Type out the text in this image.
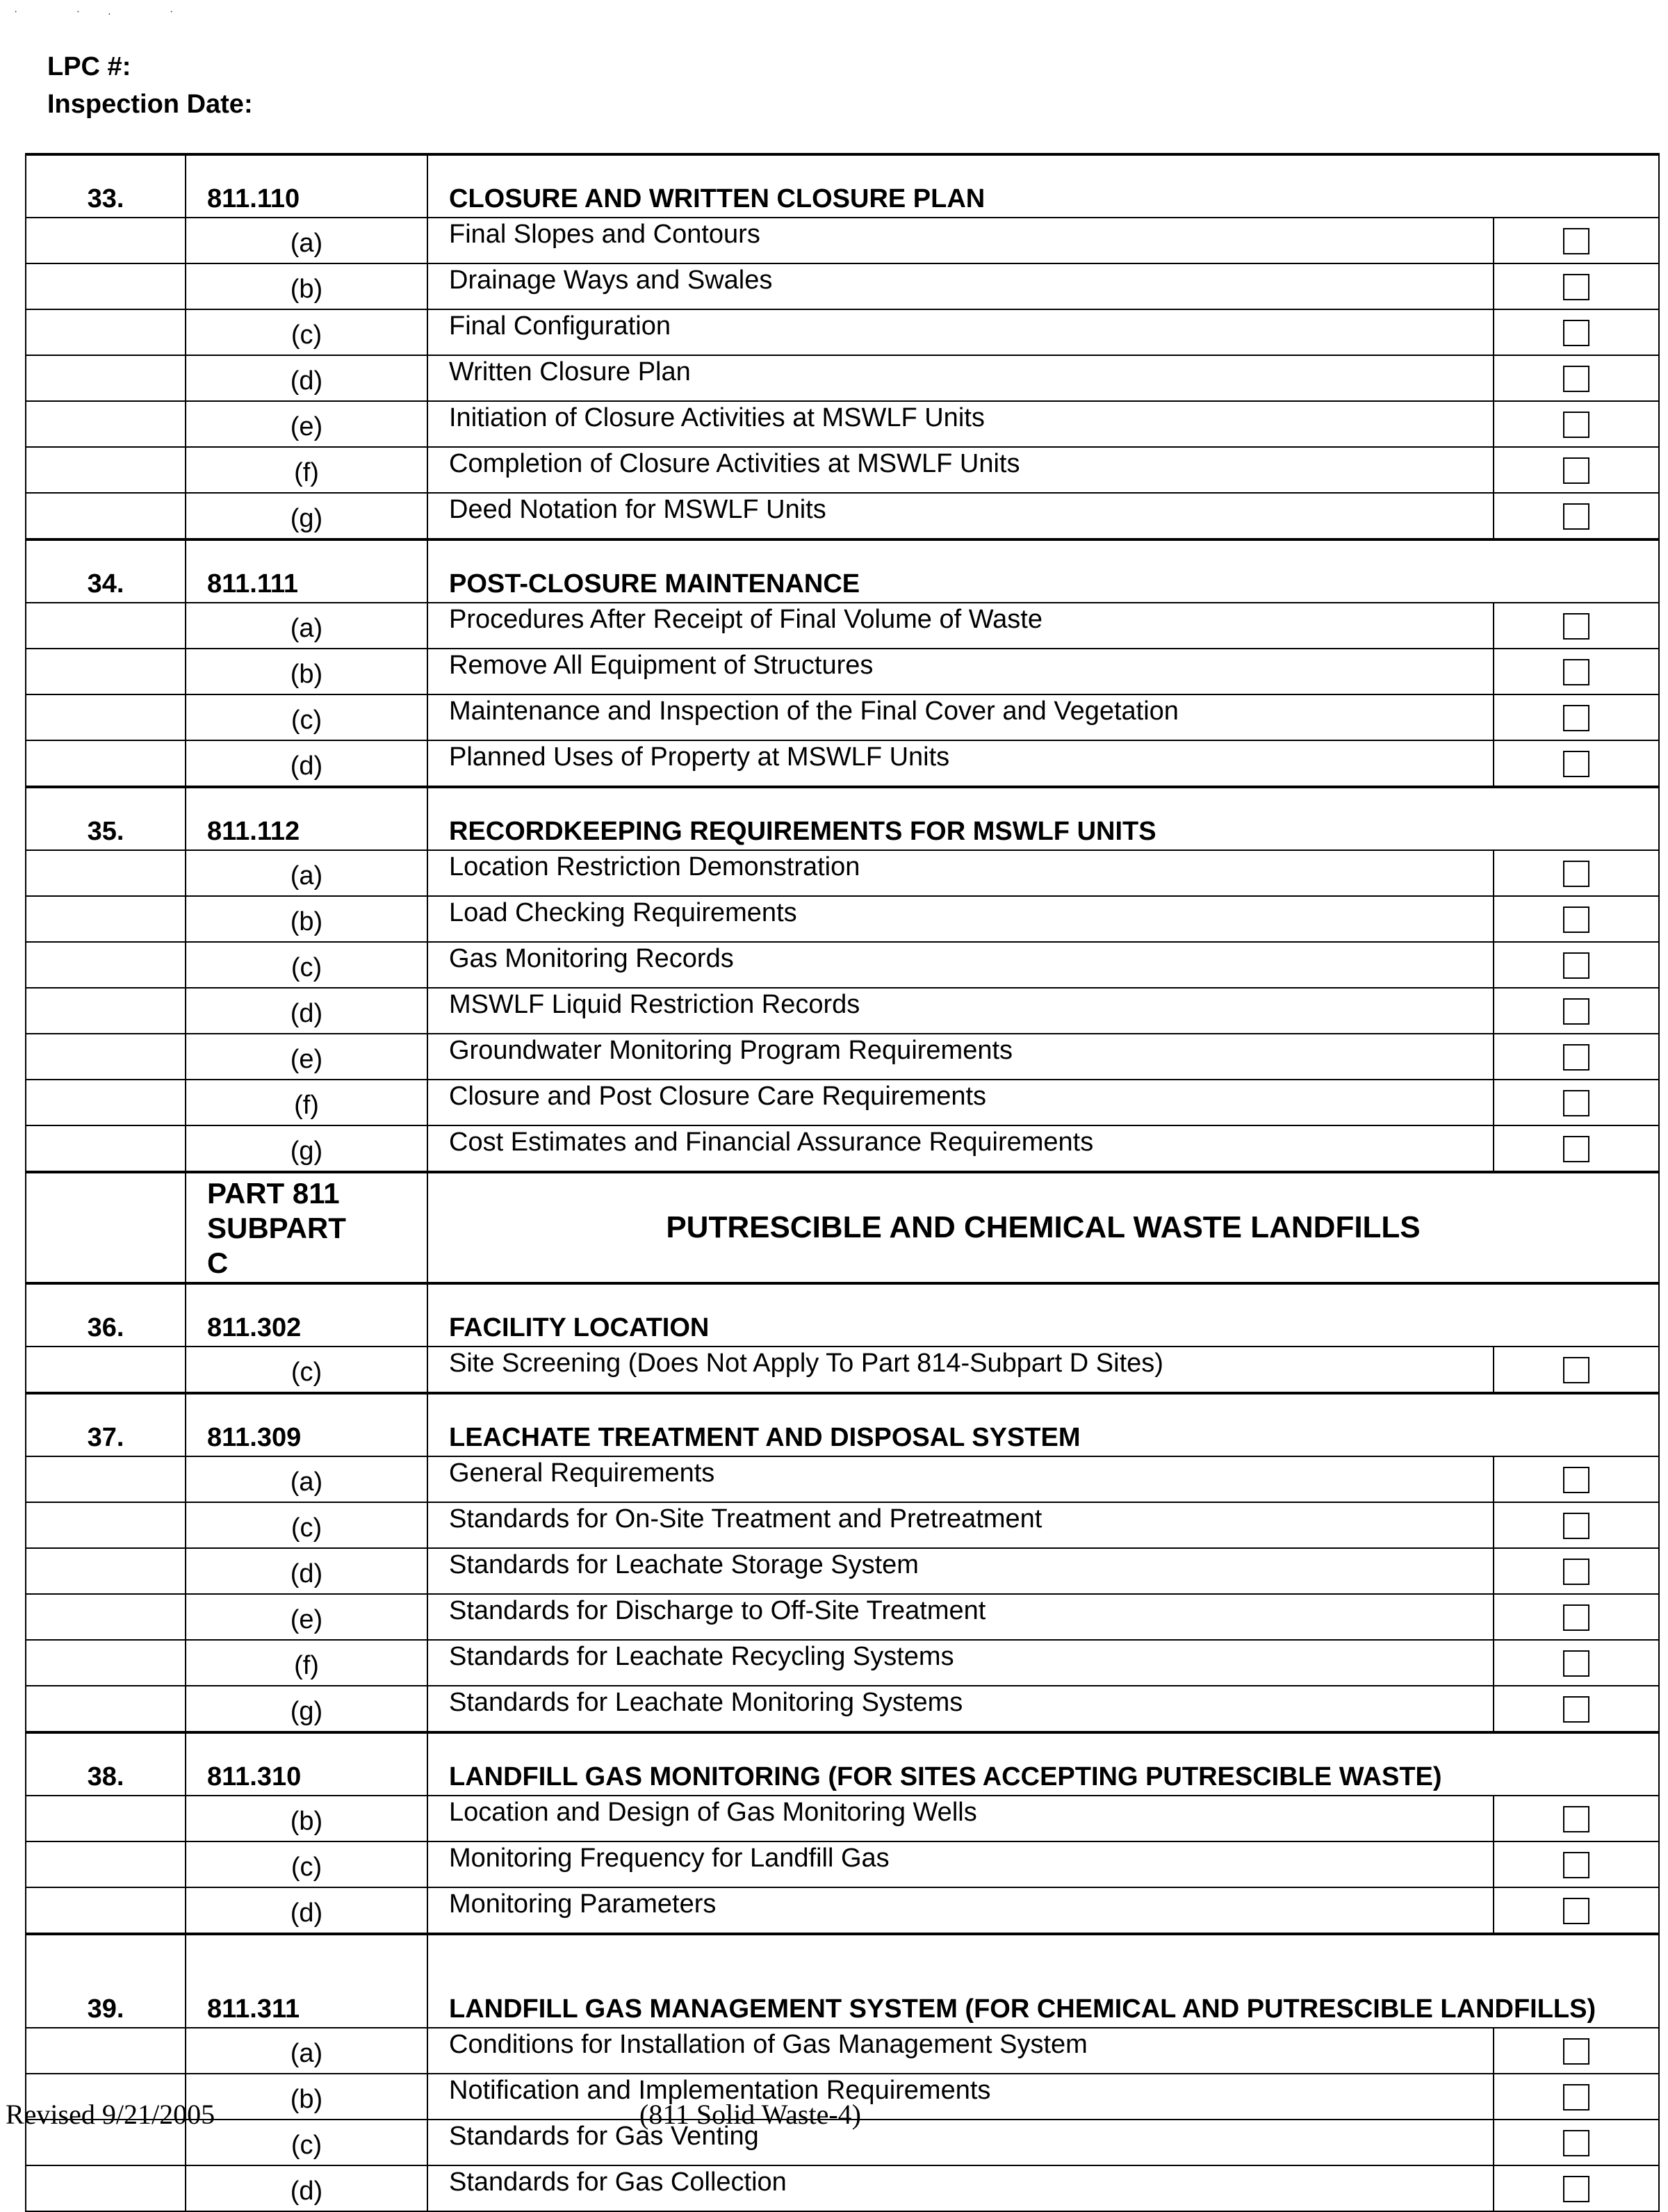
· ·. ·
LPC #:
Inspection Date:
33.	811.110	CLOSURE AND WRITTEN CLOSURE PLAN	
	(a)	Final Slopes and Contours	
	(b)	Drainage Ways and Swales	
	(c)	Final Configuration	
	(d)	Written Closure Plan	
	(e)	Initiation of Closure Activities at MSWLF Units	
	(f)	Completion of Closure Activities at MSWLF Units	
	(g)	Deed Notation for MSWLF Units	
34.	811.111	POST-CLOSURE MAINTENANCE	
	(a)	Procedures After Receipt of Final Volume of Waste	
	(b)	Remove All Equipment of Structures	
	(c)	Maintenance and Inspection of the Final Cover and Vegetation	
	(d)	Planned Uses of Property at MSWLF Units	
35.	811.112	RECORDKEEPING REQUIREMENTS FOR MSWLF UNITS	
	(a)	Location Restriction Demonstration	
	(b)	Load Checking Requirements	
	(c)	Gas Monitoring Records	
	(d)	MSWLF Liquid Restriction Records	
	(e)	Groundwater Monitoring Program Requirements	
	(f)	Closure and Post Closure Care Requirements	
	(g)	Cost Estimates and Financial Assurance Requirements	
	PART 811
SUBPART
C	PUTRESCIBLE AND CHEMICAL WASTE LANDFILLS	
36.	811.302	FACILITY LOCATION	
	(c)	Site Screening (Does Not Apply To Part 814-Subpart D Sites)	
37.	811.309	LEACHATE TREATMENT AND DISPOSAL SYSTEM	
	(a)	General Requirements	
	(c)	Standards for On-Site Treatment and Pretreatment	
	(d)	Standards for Leachate Storage System	
	(e)	Standards for Discharge to Off-Site Treatment	
	(f)	Standards for Leachate Recycling Systems	
	(g)	Standards for Leachate Monitoring Systems	
38.	811.310	LANDFILL GAS MONITORING (FOR SITES ACCEPTING PUTRESCIBLE WASTE)	
	(b)	Location and Design of Gas Monitoring Wells	
	(c)	Monitoring Frequency for Landfill Gas	
	(d)	Monitoring Parameters	
39.	811.311	LANDFILL GAS MANAGEMENT SYSTEM (FOR CHEMICAL AND PUTRESCIBLE LANDFILLS)	
	(a)	Conditions for Installation of Gas Management System	
	(b)	Notification and Implementation Requirements	
	(c)	Standards for Gas Venting	
	(d)	Standards for Gas Collection	
Revised 9/21/2005	(811 Solid Waste-4)
